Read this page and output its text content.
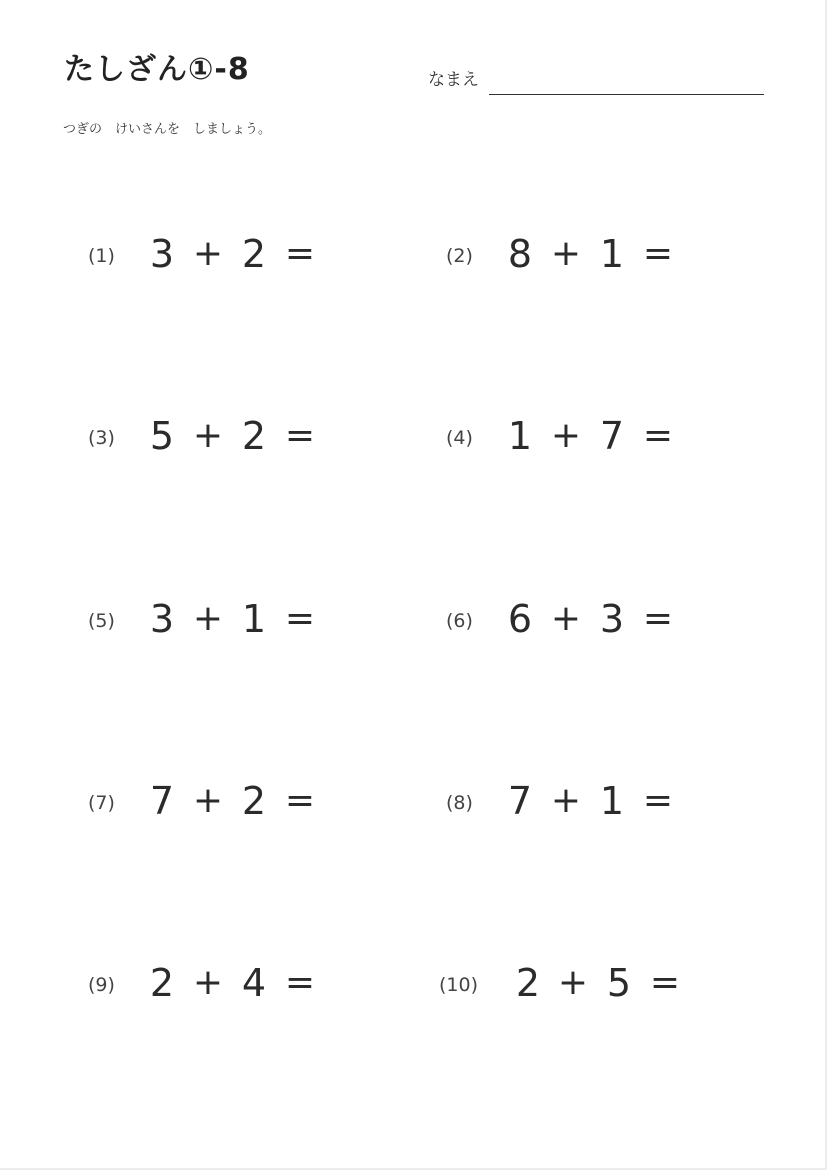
たしざん①-8	なまえ
つぎの　けいさんを　しましょう。
(1) 3 + 2 =	(2) 8 + 1 =
(3) 5 + 2 =	(4) 1 + 7 =
(5) 3 + 1 =	(6) 6 + 3 =
(7) 7 + 2 =	(8) 7 + 1 =
(9) 2 + 4 =	(10) 2 + 5 =
